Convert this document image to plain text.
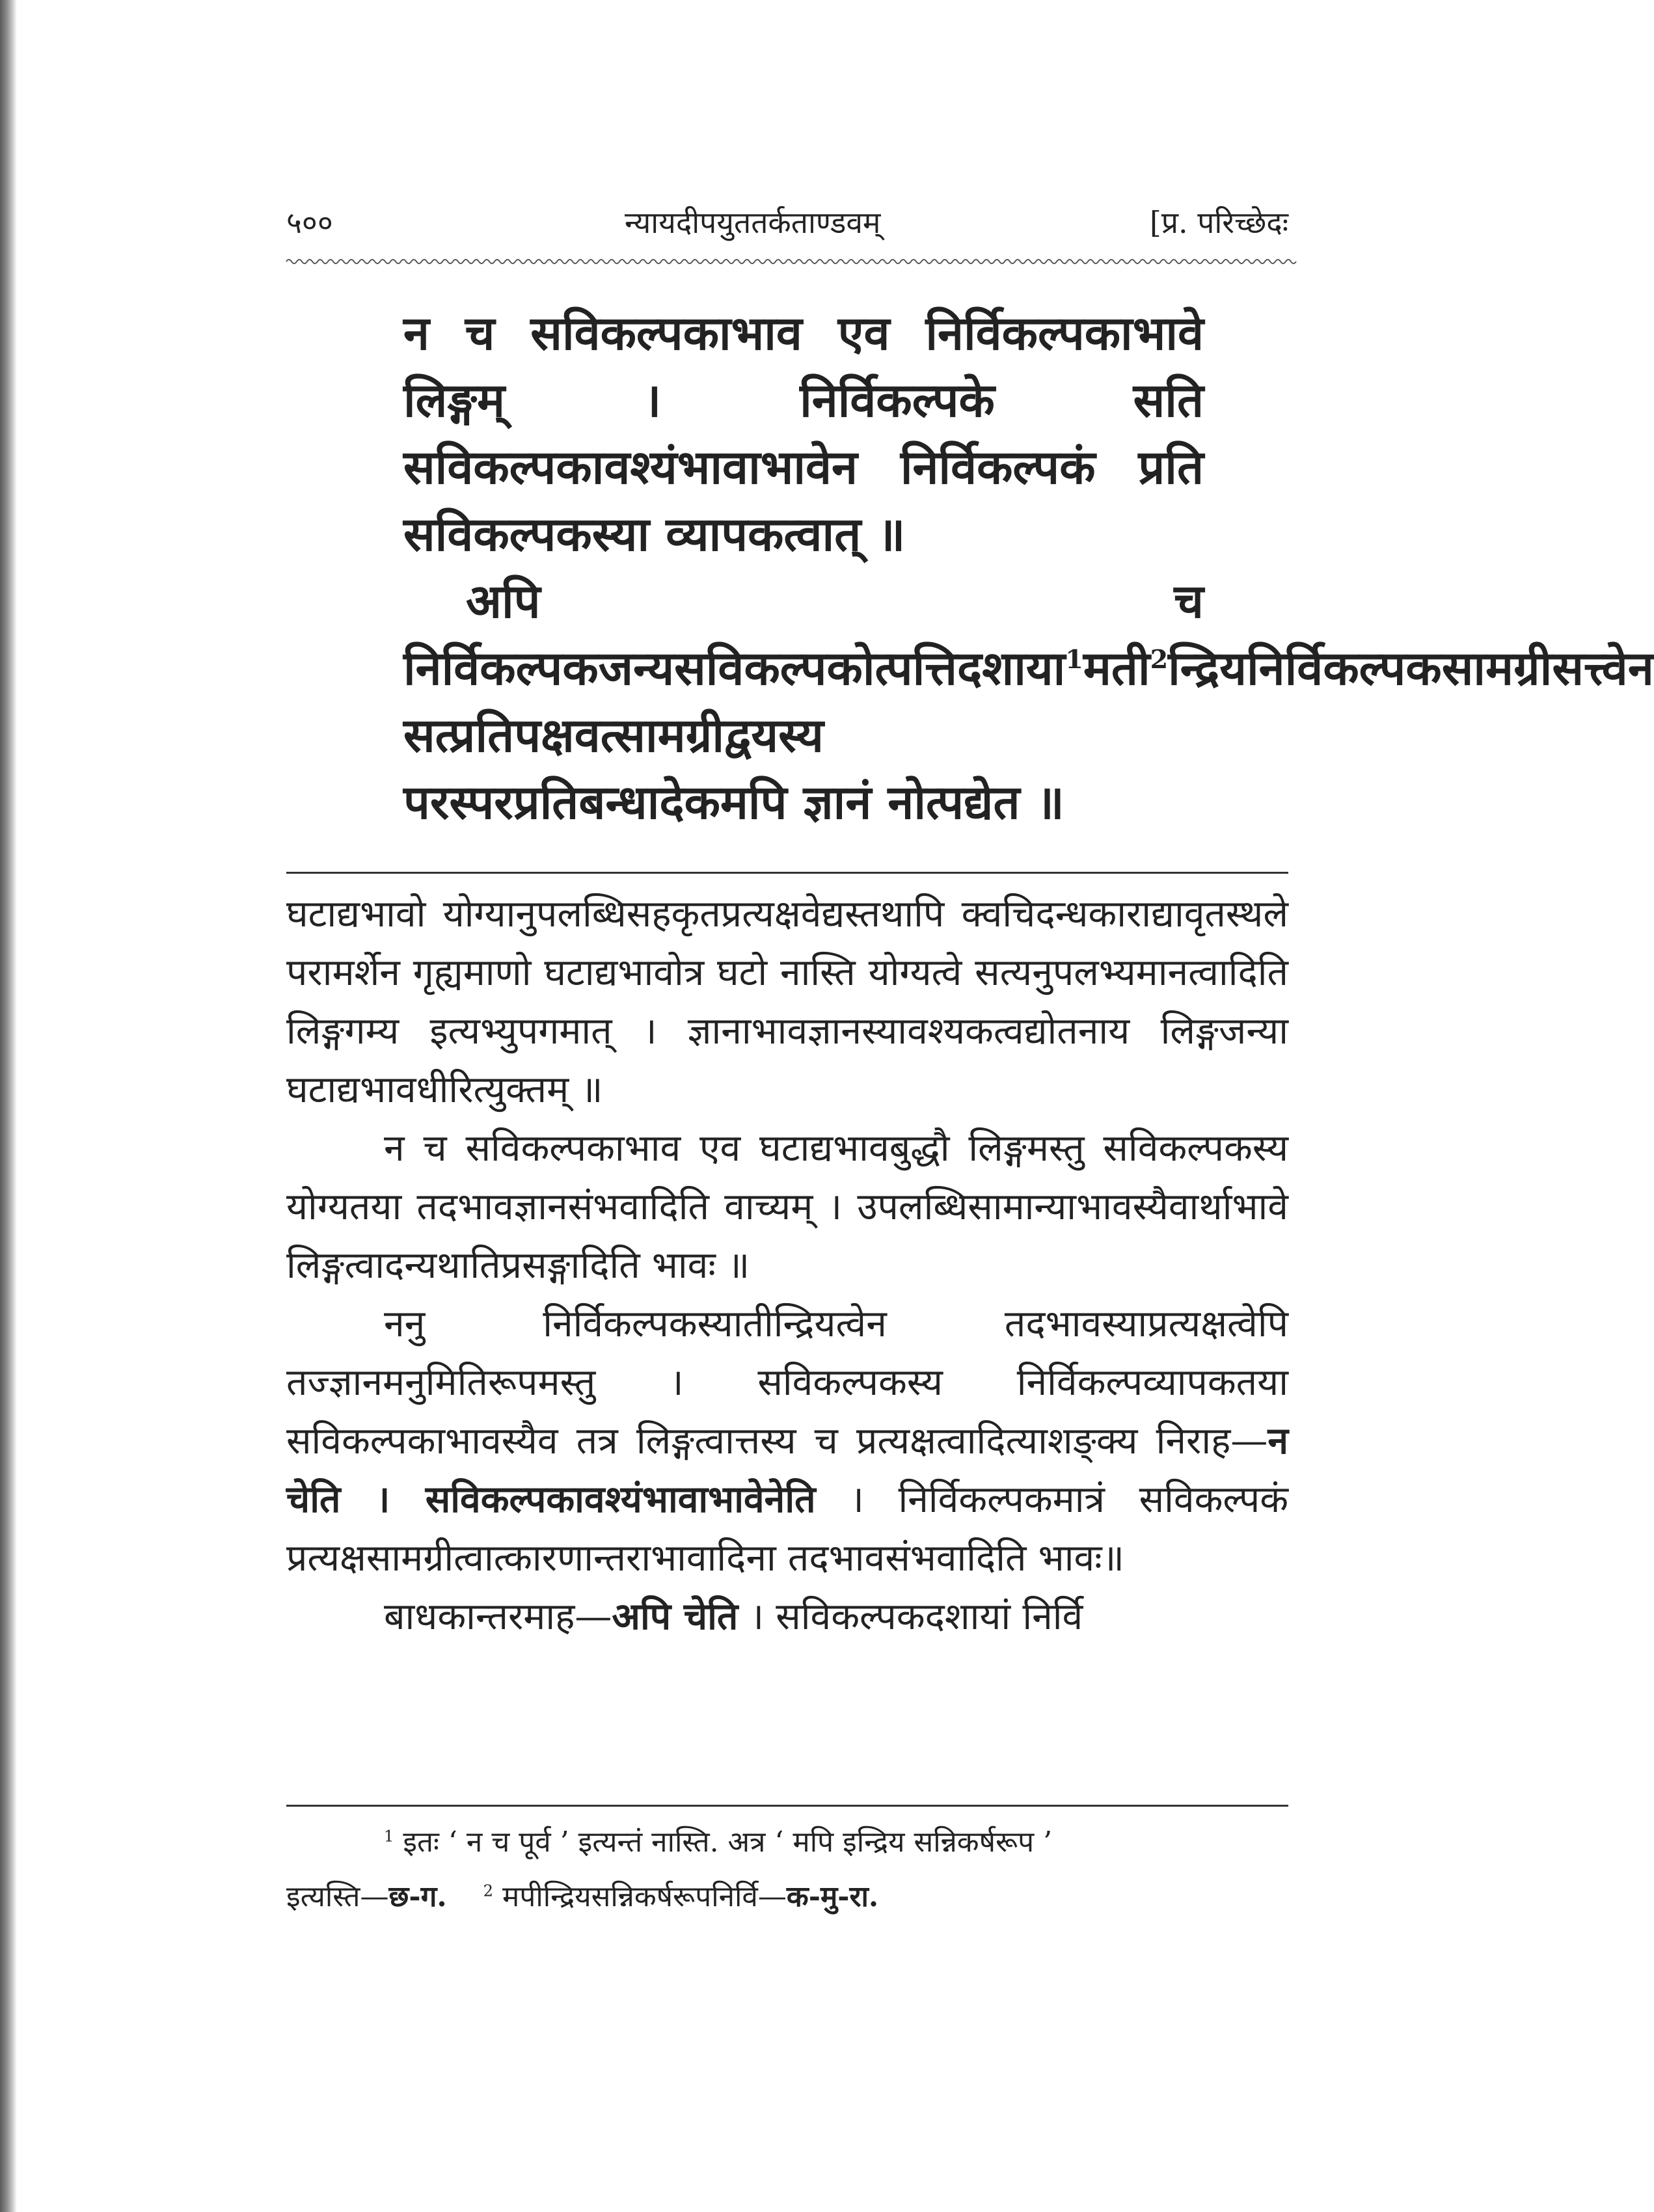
५००	न्यायदीपयुततर्कताण्डवम्	[प्र. परिच्छेदः

न च सविकल्पकाभाव एव निर्विकल्पकाभावे लिङ्गम् । निर्विकल्पके सति सविकल्पकावश्यंभावाभावेन निर्विकल्पकं प्रति सविकल्पकस्या व्यापकत्वात् ॥

अपि च निर्विकल्पकजन्यसविकल्पकोत्पत्तिदशाया$^1$मती$^2$न्द्रियनिर्विकल्पकसामग्रीसत्त्वेन सत्प्रतिपक्षवत्सामग्रीद्वयस्य परस्परप्रतिबन्धादेकमपि ज्ञानं नोत्पद्येत ॥

घटाद्यभावो योग्यानुपलब्धिसहकृतप्रत्यक्षवेद्यस्तथापि क्वचिदन्धकाराद्यावृतस्थले परामर्शेन गृह्यमाणो घटाद्यभावोत्र घटो नास्ति योग्यत्वे सत्यनुपलभ्यमानत्वादिति लिङ्गगम्य इत्यभ्युपगमात् । ज्ञानाभावज्ञानस्यावश्यकत्वद्योतनाय लिङ्गजन्या घटाद्यभावधीरित्युक्तम् ॥

न च सविकल्पकाभाव एव घटाद्यभावबुद्धौ लिङ्गमस्तु सविकल्पकस्य योग्यतया तदभावज्ञानसंभवादिति वाच्यम् । उपलब्धिसामान्याभावस्यैवार्थाभावे लिङ्गत्वादन्यथातिप्रसङ्गादिति भावः ॥

ननु निर्विकल्पकस्यातीन्द्रियत्वेन तदभावस्याप्रत्यक्षत्वेपि तज्ज्ञानमनुमितिरूपमस्तु । सविकल्पकस्य निर्विकल्पव्यापकतया सविकल्पकाभावस्यैव तत्र लिङ्गत्वात्तस्य च प्रत्यक्षत्वादित्याशङ्क्य निराह—न चेति । सविकल्पकावश्यंभावाभावेनेति । निर्विकल्पकमात्रं सविकल्पकं प्रत्यक्षसामग्रीत्वात्कारणान्तराभावादिना तदभावसंभवादिति भावः॥

बाधकान्तरमाह—अपि चेति । सविकल्पकदशायां निर्वि

$^1$ इतः ‘ न च पूर्व ’ इत्यन्तं नास्ति. अत्र ‘ मपि इन्द्रिय सन्निकर्षरूप ’

इत्यस्ति—छ-ग. $^2$ मपीन्द्रियसन्निकर्षरूपनिर्वि—क-मु-रा.
